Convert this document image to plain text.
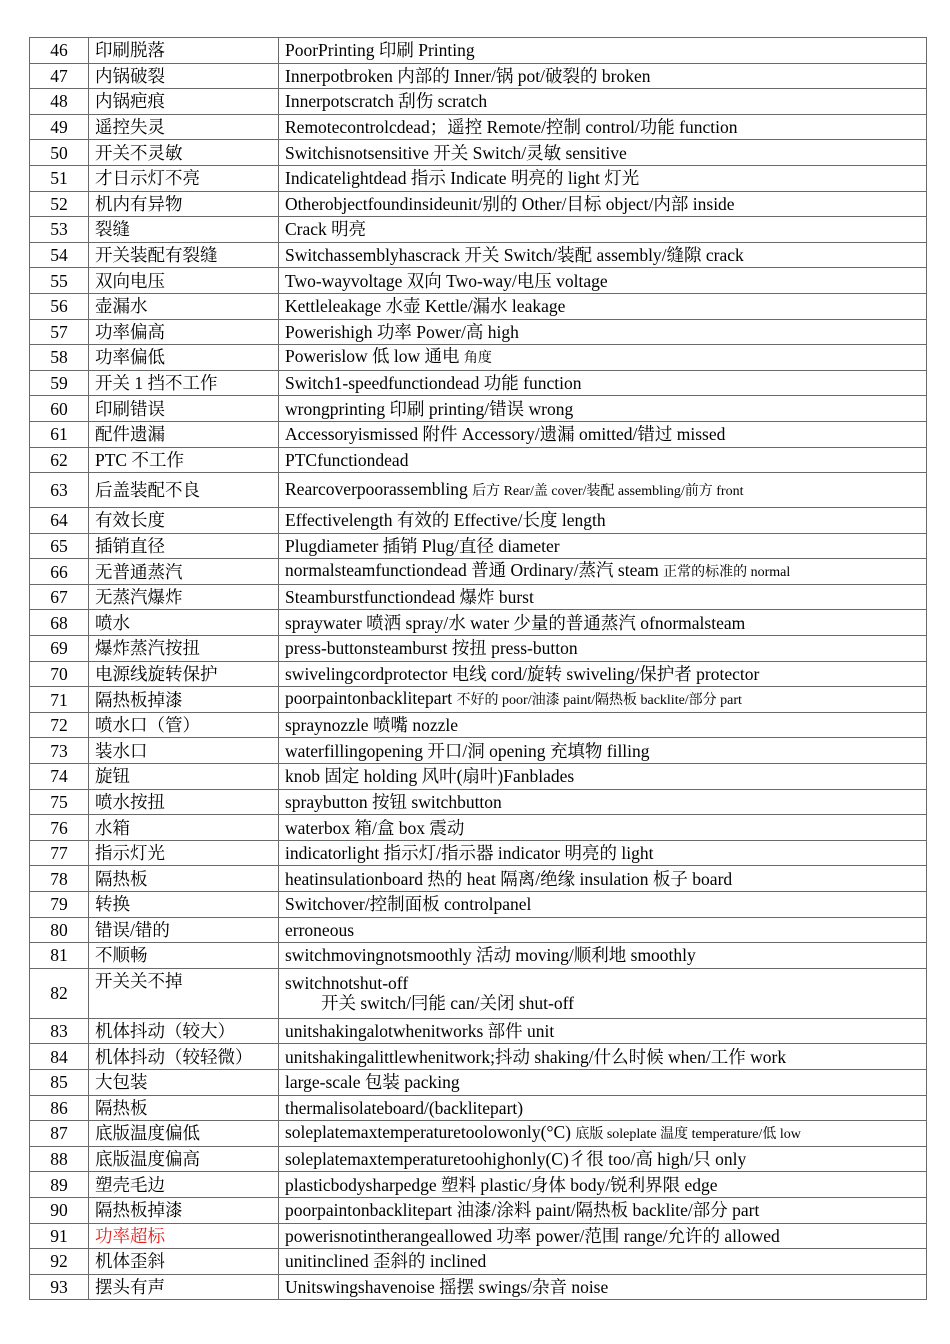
46	印刷脱落	PoorPrinting 印刷 Printing
47	内锅破裂	Innerpotbroken 内部的 Inner/锅 pot/破裂的 broken
48	内锅疤痕	Innerpotscratch 刮伤 scratch
49	遥控失灵	Remotecontrolcdead；遥控 Remote/控制 control/功能 function
50	开关不灵敏	Switchisnotsensitive 开关 Switch/灵敏 sensitive
51	才日示灯不亮	Indicatelightdead 指示 Indicate 明亮的 light 灯光
52	机内有异物	Otherobjectfoundinsideunit/别的 Other/目标 object/内部 inside
53	裂缝	Crack 明亮
54	开关装配有裂缝	Switchassemblyhascrack 开关 Switch/装配 assembly/缝隙 crack
55	双向电压	Two-wayvoltage 双向 Two-way/电压 voltage
56	壶漏水	Kettleleakage 水壶 Kettle/漏水 leakage
57	功率偏高	Powerishigh 功率 Power/高 high
58	功率偏低	Powerislow 低 low 通电 角度
59	开关 1 挡不工作	Switch1-speedfunctiondead 功能 function
60	印刷错误	wrongprinting 印刷 printing/错误 wrong
61	配件遗漏	Accessoryismissed 附件 Accessory/遗漏 omitted/错过 missed
62	PTC 不工作	PTCfunctiondead
63	后盖装配不良	Rearcoverpoorassembling 后方 Rear/盖 cover/装配 assembling/前方 front
64	有效长度	Effectivelength 有效的 Effective/长度 length
65	插销直径	Plugdiameter 插销 Plug/直径 diameter
66	无普通蒸汽	normalsteamfunctiondead 普通 Ordinary/蒸汽 steam 正常的标准的 normal
67	无蒸汽爆炸	Steamburstfunctiondead 爆炸 burst
68	喷水	spraywater 喷洒 spray/水 water 少量的普通蒸汽 ofnormalsteam
69	爆炸蒸汽按扭	press-buttonsteamburst 按扭 press-button
70	电源线旋转保护	swivelingcordprotector 电线 cord/旋转 swiveling/保护者 protector
71	隔热板掉漆	poorpaintonbacklitepart 不好的 poor/油漆 paint/隔热板 backlite/部分 part
72	喷水口（管）	spraynozzle 喷嘴 nozzle
73	装水口	waterfillingopening 开口/洞 opening 充填物 filling
74	旋钮	knob 固定 holding 风叶(扇叶)Fanblades
75	喷水按扭	spraybutton 按钮 switchbutton
76	水箱	waterbox 箱/盒 box 震动
77	指示灯光	indicatorlight 指示灯/指示器 indicator 明亮的 light
78	隔热板	heatinsulationboard 热的 heat 隔离/绝缘 insulation 板子 board
79	转换	Switchover/控制面板 controlpanel
80	错误/错的	erroneous
81	不顺畅	switchmovingnotsmoothly 活动 moving/顺利地 smoothly
82	开关关不掉	switchnotshut-off
开关 switch/冃能 can/关闭 shut-off

83	机体抖动（较大）	unitshakingalotwhenitworks 部件 unit
84	机体抖动（较轻微）	unitshakingalittlewhenitwork;抖动 shaking/什么时候 when/工作 work
85	大包装	large-scale 包装 packing
86	隔热板	thermalisolateboard/(backlitepart)
87	底版温度偏低	soleplatemaxtemperaturetoolowonly(°C) 底版 soleplate 温度 temperature/低 low
88	底版温度偏高	soleplatemaxtemperaturetoohighonly(C)彳很 too/高 high/只 only
89	塑壳毛边	plasticbodysharpedge 塑料 plastic/身体 body/锐利界限 edge
90	隔热板掉漆	poorpaintonbacklitepart 油漆/涂料 paint/隔热板 backlite/部分 part
91	功率超标	powerisnotintherangeallowed 功率 power/范围 range/允许的 allowed
92	机体歪斜	unitinclined 歪斜的 inclined
93	摆头有声	Unitswingshavenoise 摇摆 swings/杂音 noise
